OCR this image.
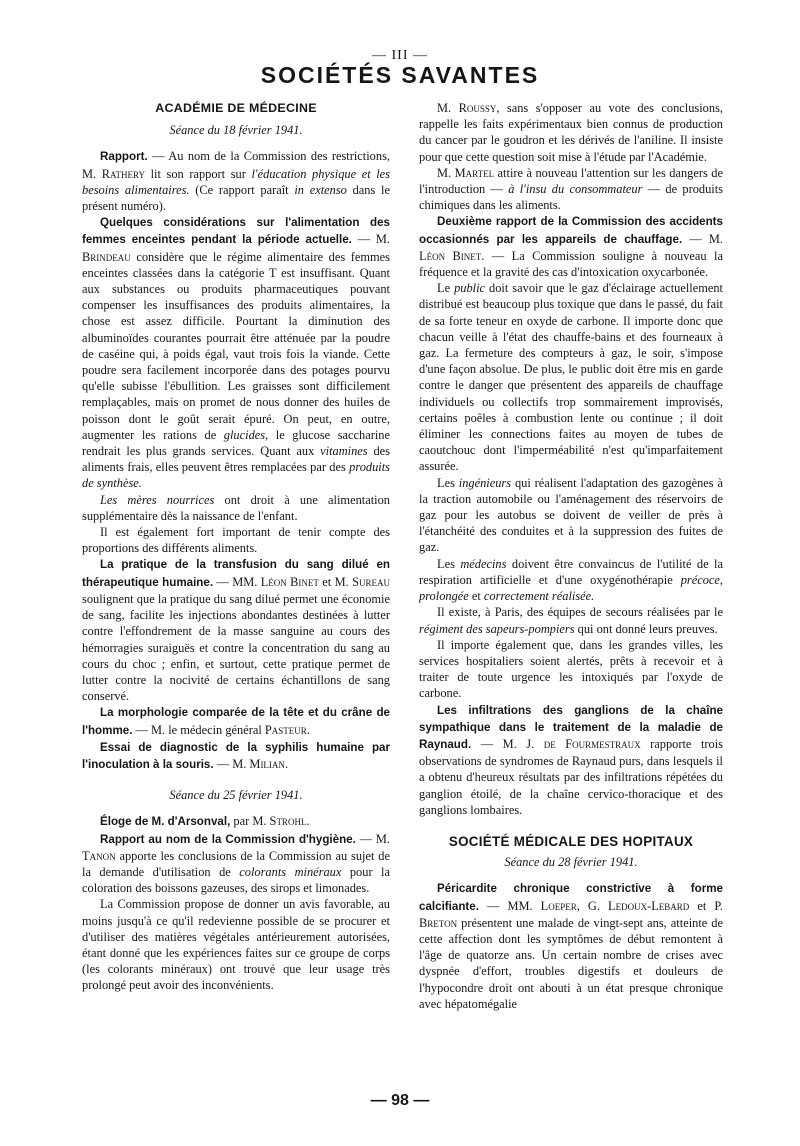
— III —
SOCIÉTÉS SAVANTES

ACADÉMIE DE MÉDECINE

Séance du 18 février 1941.

Rapport. — Au nom de la Commission des restrictions, M. Rathery lit son rapport sur l'éducation physique et les besoins alimentaires. (Ce rapport paraît in extenso dans le présent numéro).

Quelques considérations sur l'alimentation des femmes enceintes pendant la période actuelle. — M. Brindeau considère que le régime alimentaire des femmes enceintes classées dans la catégorie T est insuffisant. Quant aux substances ou produits pharmaceutiques pouvant compenser les insuffisances des produits alimentaires, la chose est assez difficile. Pourtant la diminution des albuminoïdes courantes pourrait être atténuée par la poudre de caséine qui, à poids égal, vaut trois fois la viande. Cette poudre sera facilement incorporée dans des potages pourvu qu'elle subisse l'ébullition. Les graisses sont difficilement remplaçables, mais on promet de nous donner des huiles de poisson dont le goût serait épuré. On peut, en outre, augmenter les rations de glucides, le glucose saccharine rendrait les plus grands services. Quant aux vitamines des aliments frais, elles peuvent êtres remplacées par des produits de synthèse.

Les mères nourrices ont droit à une alimentation supplémentaire dès la naissance de l'enfant.

Il est également fort important de tenir compte des proportions des différents aliments.

La pratique de la transfusion du sang dilué en thérapeutique humaine. — MM. Léon Binet et M. Sureau soulignent que la pratique du sang dilué permet une économie de sang, facilite les injections abondantes destinées à lutter contre l'effondrement de la masse sanguine au cours des hémorragies suraiguës et contre la concentration du sang au cours du choc ; enfin, et surtout, cette pratique permet de lutter contre la nocivité de certains échantillons de sang conservé.

La morphologie comparée de la tête et du crâne de l'homme. — M. le médecin général Pasteur.

Essai de diagnostic de la syphilis humaine par l'inoculation à la souris. — M. Milian.

Séance du 25 février 1941.

Éloge de M. d'Arsonval, par M. Strohl.

Rapport au nom de la Commission d'hygiène. — M. Tanon apporte les conclusions de la Commission au sujet de la demande d'utilisation de colorants minéraux pour la coloration des boissons gazeuses, des sirops et limonades.

La Commission propose de donner un avis favorable, au moins jusqu'à ce qu'il redevienne possible de se procurer et d'utiliser des matières végétales antérieurement autorisées, étant donné que les expériences faites sur ce groupe de corps (les colorants minéraux) ont trouvé que leur usage très prolongé peut avoir des inconvénients.

M. Roussy, sans s'opposer au vote des conclusions, rappelle les faits expérimentaux bien connus de production du cancer par le goudron et les dérivés de l'aniline. Il insiste pour que cette question soit mise à l'étude par l'Académie.

M. Martel attire à nouveau l'attention sur les dangers de l'introduction — à l'insu du consommateur — de produits chimiques dans les aliments.

Deuxième rapport de la Commission des accidents occasionnés par les appareils de chauffage. — M. Léon Binet. — La Commission souligne à nouveau la fréquence et la gravité des cas d'intoxication oxycarbonée.

Le public doit savoir que le gaz d'éclairage actuellement distribué est beaucoup plus toxique que dans le passé, du fait de sa forte teneur en oxyde de carbone. Il importe donc que chacun veille à l'état des chauffe-bains et des fourneaux à gaz. La fermeture des compteurs à gaz, le soir, s'impose d'une façon absolue. De plus, le public doit être mis en garde contre le danger que présentent des appareils de chauffage individuels ou collectifs trop sommairement improvisés, certains poêles à combustion lente ou continue ; il doit éliminer les connections faites au moyen de tubes de caoutchouc dont l'imperméabilité n'est qu'imparfaitement assurée.

Les ingénieurs qui réalisent l'adaptation des gazogènes à la traction automobile ou l'aménagement des réservoirs de gaz pour les autobus se doivent de veiller de près à l'étanchéité des conduites et à la suppression des fuites de gaz.

Les médecins doivent être convaincus de l'utilité de la respiration artificielle et d'une oxygénothérapie précoce, prolongée et correctement réalisée.

Il existe, à Paris, des équipes de secours réalisées par le régiment des sapeurs-pompiers qui ont donné leurs preuves.

Il importe également que, dans les grandes villes, les services hospitaliers soient alertés, prêts à recevoir et à traiter de toute urgence les intoxiqués par l'oxyde de carbone.

Les infiltrations des ganglions de la chaîne sympathique dans le traitement de la maladie de Raynaud. — M. J. de Fourmestraux rapporte trois observations de syndromes de Raynaud purs, dans lesquels il a obtenu d'heureux résultats par des infiltrations répétées du ganglion étoilé, de la chaîne cervico-thoracique et des ganglions lombaires.

SOCIÉTÉ MÉDICALE DES HOPITAUX

Séance du 28 février 1941.

Péricardite chronique constrictive à forme calcifiante. — MM. Loeper, G. Ledoux-Lebard et P. Breton présentent une malade de vingt-sept ans, atteinte de cette affection dont les symptômes de début remontent à l'âge de quatorze ans. Un certain nombre de crises avec dyspnée d'effort, troubles digestifs et douleurs de l'hypocondre droit ont abouti à un état presque chronique avec hépatomégalie

— 98 —
